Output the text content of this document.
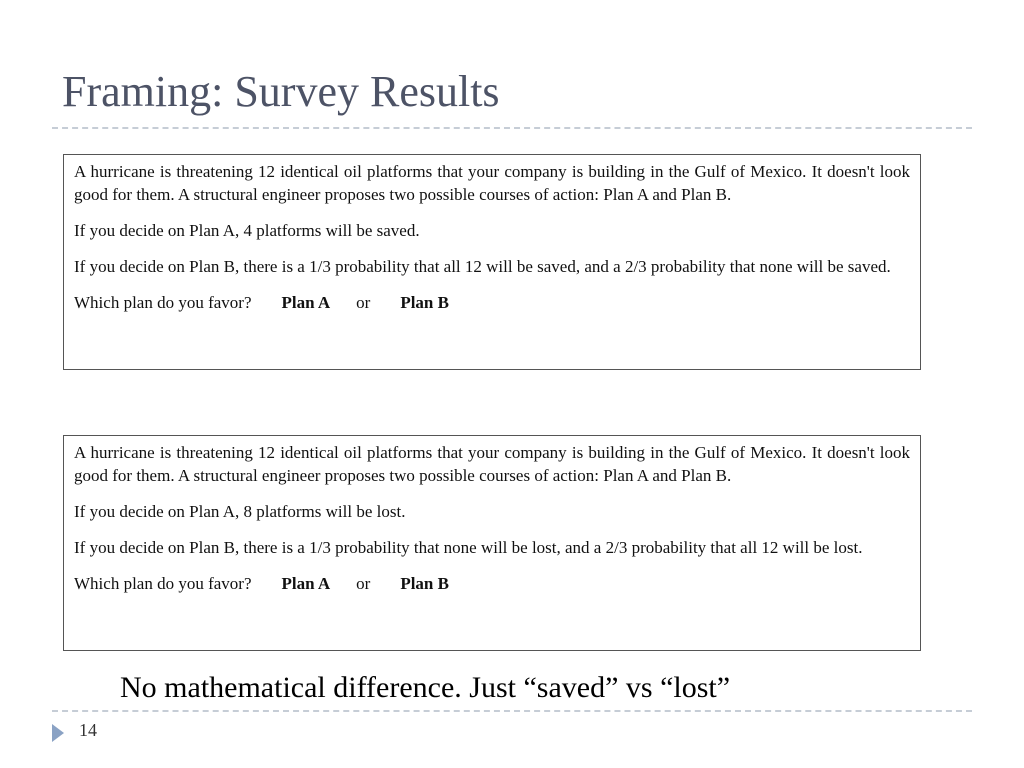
Framing: Survey Results

A hurricane is threatening 12 identical oil platforms that your company is building in the Gulf of Mexico. It doesn't look good for them. A structural engineer proposes two possible courses of action: Plan A and Plan B.

If you decide on Plan A, 4 platforms will be saved.

If you decide on Plan B, there is a 1/3 probability that all 12 will be saved, and a 2/3 probability that none will be saved.

Which plan do you favor? Plan A or Plan B

A hurricane is threatening 12 identical oil platforms that your company is building in the Gulf of Mexico. It doesn't look good for them. A structural engineer proposes two possible courses of action: Plan A and Plan B.

If you decide on Plan A, 8 platforms will be lost.

If you decide on Plan B, there is a 1/3 probability that none will be lost, and a 2/3 probability that all 12 will be lost.

Which plan do you favor? Plan A or Plan B

No mathematical difference. Just “saved” vs “lost”
14
